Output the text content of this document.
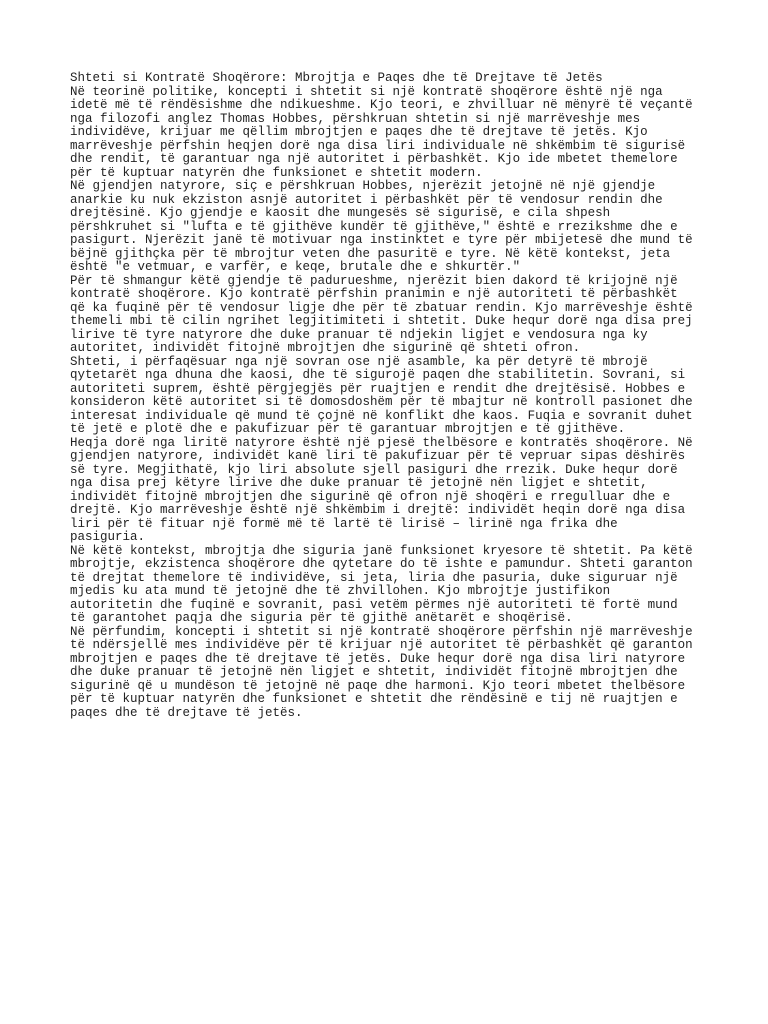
Shteti si Kontratë Shoqërore: Mbrojtja e Paqes dhe të Drejtave të Jetës

Në teorinë politike, koncepti i shtetit si një kontratë shoqërore është një nga

idetë më të rëndësishme dhe ndikueshme. Kjo teori, e zhvilluar në mënyrë të veçantë

nga filozofi anglez Thomas Hobbes, përshkruan shtetin si një marrëveshje mes

individëve, krijuar me qëllim mbrojtjen e paqes dhe të drejtave të jetës. Kjo

marrëveshje përfshin heqjen dorë nga disa liri individuale në shkëmbim të sigurisë

dhe rendit, të garantuar nga një autoritet i përbashkët. Kjo ide mbetet themelore

për të kuptuar natyrën dhe funksionet e shtetit modern.

Në gjendjen natyrore, siç e përshkruan Hobbes, njerëzit jetojnë në një gjendje

anarkie ku nuk ekziston asnjë autoritet i përbashkët për të vendosur rendin dhe

drejtësinë. Kjo gjendje e kaosit dhe mungesës së sigurisë, e cila shpesh

përshkruhet si "lufta e të gjithëve kundër të gjithëve," është e rrezikshme dhe e

pasigurt. Njerëzit janë të motivuar nga instinktet e tyre për mbijetesë dhe mund të

bëjnë gjithçka për të mbrojtur veten dhe pasuritë e tyre. Në këtë kontekst, jeta

është "e vetmuar, e varfër, e keqe, brutale dhe e shkurtër."

Për të shmangur këtë gjendje të padurueshme, njerëzit bien dakord të krijojnë një

kontratë shoqërore. Kjo kontratë përfshin pranimin e një autoriteti të përbashkët

që ka fuqinë për të vendosur ligje dhe për të zbatuar rendin. Kjo marrëveshje është

themeli mbi të cilin ngrihet legjitimiteti i shtetit. Duke hequr dorë nga disa prej

lirive të tyre natyrore dhe duke pranuar të ndjekin ligjet e vendosura nga ky

autoritet, individët fitojnë mbrojtjen dhe sigurinë që shteti ofron.

Shteti, i përfaqësuar nga një sovran ose një asamble, ka për detyrë të mbrojë

qytetarët nga dhuna dhe kaosi, dhe të sigurojë paqen dhe stabilitetin. Sovrani, si

autoriteti suprem, është përgjegjës për ruajtjen e rendit dhe drejtësisë. Hobbes e

konsideron këtë autoritet si të domosdoshëm për të mbajtur në kontroll pasionet dhe

interesat individuale që mund të çojnë në konflikt dhe kaos. Fuqia e sovranit duhet

të jetë e plotë dhe e pakufizuar për të garantuar mbrojtjen e të gjithëve.

Heqja dorë nga liritë natyrore është një pjesë thelbësore e kontratës shoqërore. Në

gjendjen natyrore, individët kanë liri të pakufizuar për të vepruar sipas dëshirës

së tyre. Megjithatë, kjo liri absolute sjell pasiguri dhe rrezik. Duke hequr dorë

nga disa prej këtyre lirive dhe duke pranuar të jetojnë nën ligjet e shtetit,

individët fitojnë mbrojtjen dhe sigurinë që ofron një shoqëri e rregulluar dhe e

drejtë. Kjo marrëveshje është një shkëmbim i drejtë: individët heqin dorë nga disa

liri për të fituar një formë më të lartë të lirisë – lirinë nga frika dhe

pasiguria.

Në këtë kontekst, mbrojtja dhe siguria janë funksionet kryesore të shtetit. Pa këtë

mbrojtje, ekzistenca shoqërore dhe qytetare do të ishte e pamundur. Shteti garanton

të drejtat themelore të individëve, si jeta, liria dhe pasuria, duke siguruar një

mjedis ku ata mund të jetojnë dhe të zhvillohen. Kjo mbrojtje justifikon

autoritetin dhe fuqinë e sovranit, pasi vetëm përmes një autoriteti të fortë mund

të garantohet paqja dhe siguria për të gjithë anëtarët e shoqërisë.

Në përfundim, koncepti i shtetit si një kontratë shoqërore përfshin një marrëveshje

të ndërsjellë mes individëve për të krijuar një autoritet të përbashkët që garanton

mbrojtjen e paqes dhe të drejtave të jetës. Duke hequr dorë nga disa liri natyrore

dhe duke pranuar të jetojnë nën ligjet e shtetit, individët fitojnë mbrojtjen dhe

sigurinë që u mundëson të jetojnë në paqe dhe harmoni. Kjo teori mbetet thelbësore

për të kuptuar natyrën dhe funksionet e shtetit dhe rëndësinë e tij në ruajtjen e

paqes dhe të drejtave të jetës.
